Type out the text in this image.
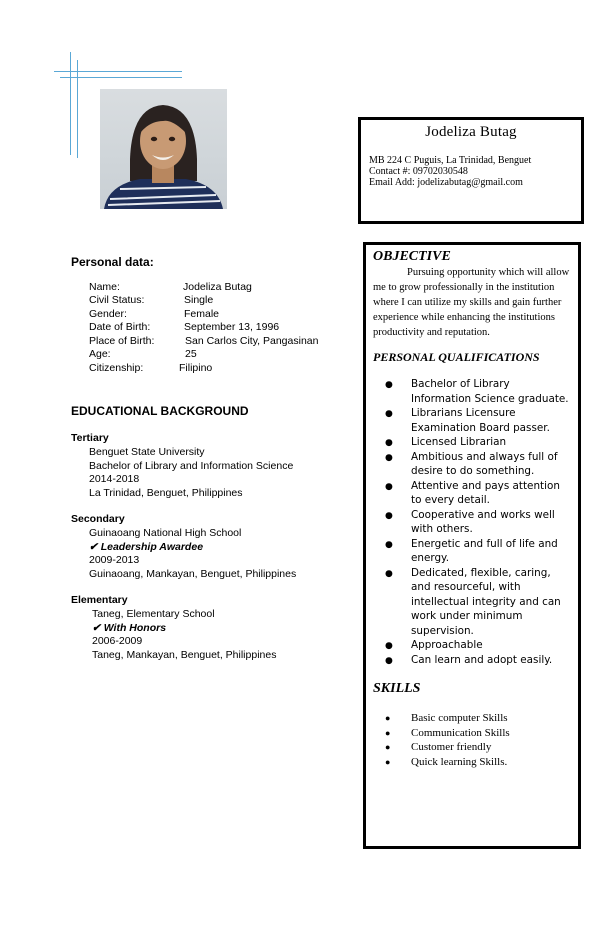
Jodeliza Butag
MB 224 C Puguis, La Trinidad, Benguet
Contact #: 09702030548
Email Add: jodelizabutag@gmail.com
Personal data:
Name:	Jodeliza Butag
Civil Status:	Single
Gender:	Female
Date of Birth:	September 13, 1996
Place of Birth:	San Carlos City, Pangasinan
Age:	25
Citizenship:	Filipino
EDUCATIONAL BACKGROUND
Tertiary
Benguet State University
Bachelor of Library and Information Science
2014-2018
La Trinidad, Benguet, Philippines
Secondary
Guinaoang National High School
✔ Leadership Awardee
2009-2013
Guinaoang, Mankayan, Benguet, Philippines
Elementary
Taneg, Elementary School
✔ With Honors
2006-2009
Taneg, Mankayan, Benguet, Philippines
OBJECTIVE
Pursuing opportunity which will allow me to grow professionally in the institution where I can utilize my skills and gain further experience while enhancing the institutions productivity and reputation.
PERSONAL QUALIFICATIONS
● Bachelor of Library Information Science graduate.
● Librarians Licensure Examination Board passer.
● Licensed Librarian
● Ambitious and always full of desire to do something.
● Attentive and pays attention to every detail.
● Cooperative and works well with others.
● Energetic and full of life and energy.
● Dedicated, flexible, caring, and resourceful, with intellectual integrity and can work under minimum supervision.
● Approachable
● Can learn and adopt easily.
SKILLS
● Basic computer Skills
● Communication Skills
● Customer friendly
● Quick learning Skills.
